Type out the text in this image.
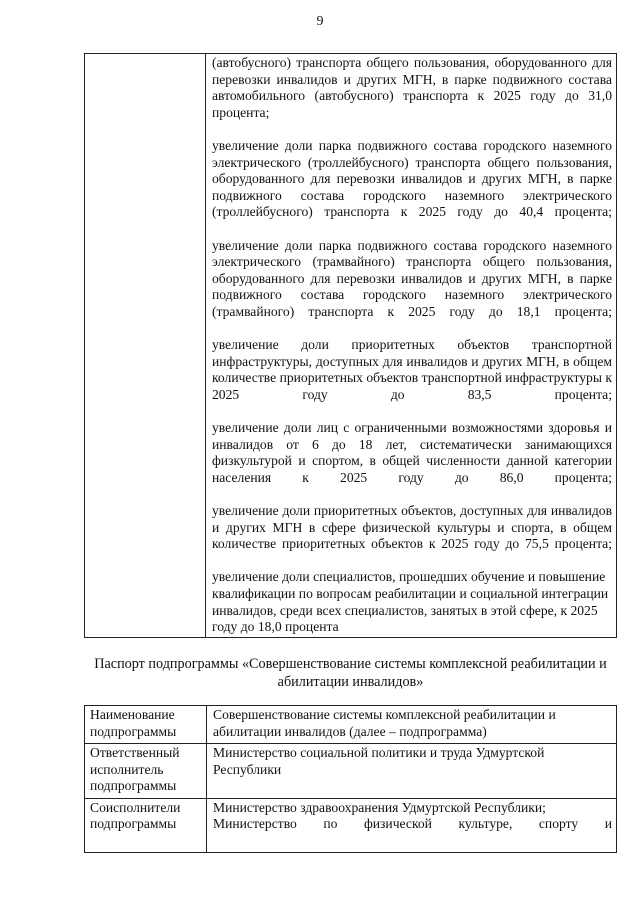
9

(автобусного) транспорта общего пользования, оборудованного для перевозки инвалидов и других МГН, в парке подвижного состава автомобильного (автобусного) транспорта к 2025 году до 31,0 процента;
увеличение доли парка подвижного состава городского наземного электрического (троллейбусного) транспорта общего пользования, оборудованного для перевозки инвалидов и других МГН, в парке подвижного состава городского наземного электрического (троллейбусного) транспорта к 2025 году до 40,4 процента;
увеличение доли парка подвижного состава городского наземного электрического (трамвайного) транспорта общего пользования, оборудованного для перевозки инвалидов и других МГН, в парке подвижного состава городского наземного электрического (трамвайного) транспорта к 2025 году до 18,1 процента;
увеличение доли приоритетных объектов транспортной инфраструктуры, доступных для инвалидов и других МГН, в общем количестве приоритетных объектов транспортной инфраструктуры к 2025 году до 83,5 процента;
увеличение доли лиц с ограниченными возможностями здоровья и инвалидов от 6 до 18 лет, систематически занимающихся физкультурой и спортом, в общей численности данной категории населения к 2025 году до 86,0 процента;
увеличение доли приоритетных объектов, доступных для инвалидов и других МГН в сфере физической культуры и спорта, в общем количестве приоритетных объектов к 2025 году до 75,5 процента;
увеличение доли специалистов, прошедших обучение и повышение квалификации по вопросам реабилитации и социальной интеграции инвалидов, среди всех специалистов, занятых в этой сфере, к 2025 году до 18,0 процента
Паспорт подпрограммы «Совершенствование системы комплексной реабилитации и абилитации инвалидов»
Наименование подпрограммы	Совершенствование системы комплексной реабилитации и абилитации инвалидов (далее – подпрограмма)

Ответственный исполнитель подпрограммы	Министерство социальной политики и труда Удмуртской Республики

Соисполнители подпрограммы	Министерство здравоохранения Удмуртской Республики;
Министерство по физической культуре, спорту и
